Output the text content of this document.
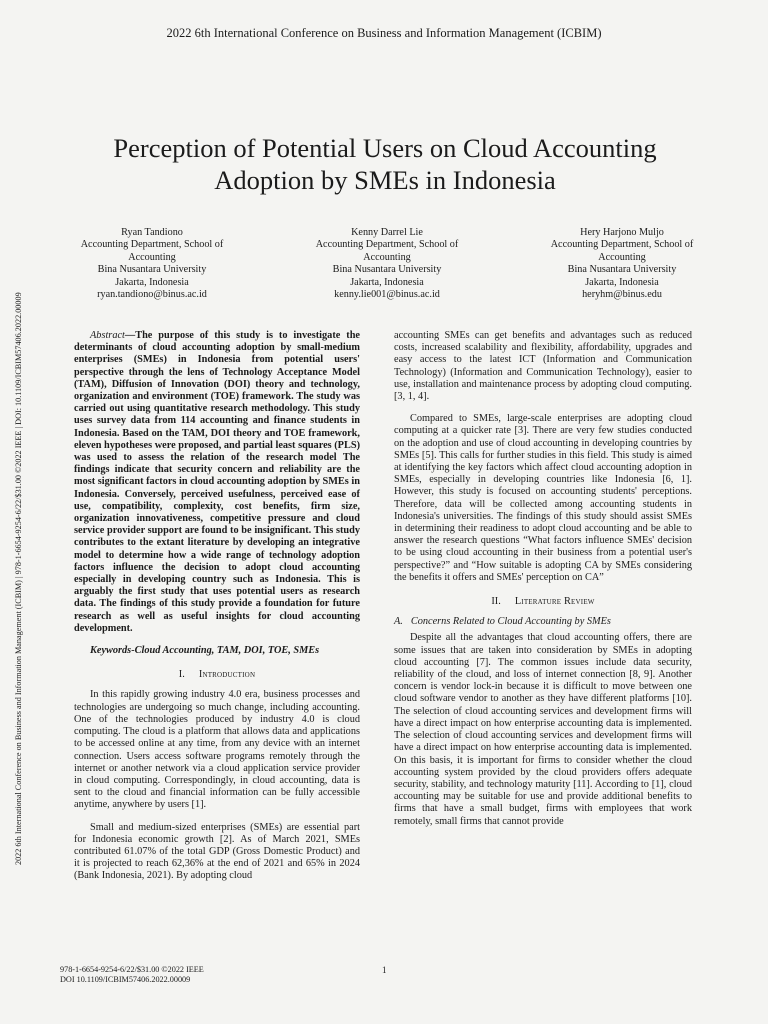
2022 6th International Conference on Business and Information Management (ICBIM)
2022 6th International Conference on Business and Information Management (ICBIM) | 978-1-6654-9254-6/22/$31.00 ©2022 IEEE | DOI: 10.1109/ICBIM57406.2022.00009
Perception of Potential Users on Cloud Accounting
Adoption by SMEs in Indonesia
Ryan Tandiono
Accounting Department, School of
Accounting
Bina Nusantara University
Jakarta, Indonesia
ryan.tandiono@binus.ac.id
Kenny Darrel Lie
Accounting Department, School of
Accounting
Bina Nusantara University
Jakarta, Indonesia
kenny.lie001@binus.ac.id
Hery Harjono Muljo
Accounting Department, School of
Accounting
Bina Nusantara University
Jakarta, Indonesia
heryhm@binus.edu

Abstract—The purpose of this study is to investigate the determinants of cloud accounting adoption by small-medium enterprises (SMEs) in Indonesia from potential users' perspective through the lens of Technology Acceptance Model (TAM), Diffusion of Innovation (DOI) theory and technology, organization and environment (TOE) framework. The study was carried out using quantitative research methodology. This study uses survey data from 114 accounting and finance students in Indonesia. Based on the TAM, DOI theory and TOE framework, eleven hypotheses were proposed, and partial least squares (PLS) was used to assess the relation of the research model The findings indicate that security concern and reliability are the most significant factors in cloud accounting adoption by SMEs in Indonesia. Conversely, perceived usefulness, perceived ease of use, compatibility, complexity, cost benefits, firm size, organization innovativeness, competitive pressure and cloud service provider support are found to be insignificant. This study contributes to the extant literature by developing an integrative model to determine how a wide range of technology adoption factors influence the decision to adopt cloud accounting especially in developing country such as Indonesia. This is arguably the first study that uses potential users as research data. The findings of this study provide a foundation for future research as well as useful insights for cloud accounting development.

Keywords-Cloud Accounting, TAM, DOI, TOE, SMEs

I. Introduction

In this rapidly growing industry 4.0 era, business processes and technologies are undergoing so much change, including accounting. One of the technologies produced by industry 4.0 is cloud computing. The cloud is a platform that allows data and applications to be accessed online at any time, from any device with an internet connection. Users access software programs remotely through the internet or another network via a cloud application service provider in cloud computing. Correspondingly, in cloud accounting, data is sent to the cloud and financial information can be fully accessible anytime, anywhere by users [1].

Small and medium-sized enterprises (SMEs) are essential part for Indonesia economic growth [2]. As of March 2021, SMEs contributed 61.07% of the total GDP (Gross Domestic Product) and it is projected to reach 62,36% at the end of 2021 and 65% in 2024 (Bank Indonesia, 2021). By adopting cloud

accounting SMEs can get benefits and advantages such as reduced costs, increased scalability and flexibility, affordability, upgrades and easy access to the latest ICT (Information and Communication Technology) (Information and Communication Technology), easier to use, installation and maintenance process by adopting cloud computing. [3, 1, 4].

Compared to SMEs, large-scale enterprises are adopting cloud computing at a quicker rate [3]. There are very few studies conducted on the adoption and use of cloud accounting in developing countries by SMEs [5]. This calls for further studies in this field. This study is aimed at identifying the key factors which affect cloud accounting adoption in SMEs, especially in developing countries like Indonesia [6, 1]. However, this study is focused on accounting students' perceptions. Therefore, data will be collected among accounting students in Indonesia's universities. The findings of this study should assist SMEs in determining their readiness to adopt cloud accounting and be able to answer the research questions “What factors influence SMEs' decision to be using cloud accounting in their business from a potential user's perspective?” and “How suitable is adopting CA by SMEs considering the benefits it offers and SMEs' perception on CA”

II. Literature Review
A. Concerns Related to Cloud Accounting by SMEs

Despite all the advantages that cloud accounting offers, there are some issues that are taken into consideration by SMEs in adopting cloud accounting [7]. The common issues include data security, reliability of the cloud, and loss of internet connection [8, 9]. Another concern is vendor lock-in because it is difficult to move between one cloud software vendor to another as they have different platforms [10]. The selection of cloud accounting services and development firms will have a direct impact on how enterprise accounting data is implemented. The selection of cloud accounting services and development firms will have a direct impact on how enterprise accounting data is implemented. On this basis, it is important for firms to consider whether the cloud accounting system provided by the cloud providers offers adequate security, stability, and technology maturity [11]. According to [1], cloud accounting may be suitable for use and provide additional benefits to firms that have a small budget, firms with employees that work remotely, small firms that cannot provide

978-1-6654-9254-6/22/$31.00 ©2022 IEEE
DOI 10.1109/ICBIM57406.2022.00009
1
